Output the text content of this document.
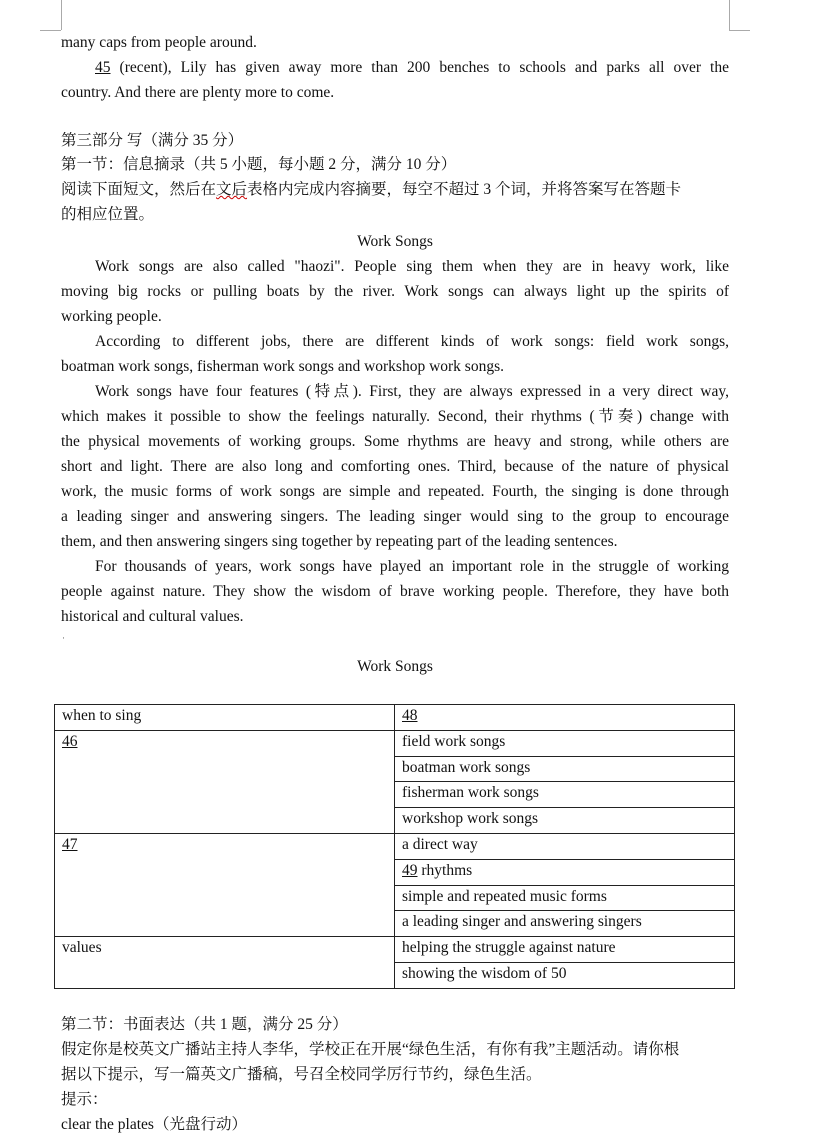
many caps from people around.
45 (recent), Lily has given away more than 200 benches to schools and parks all over the
country. And there are plenty more to come.
第三部分 写（满分 35 分）
第一节：信息摘录（共 5 小题，每小题 2 分，满分 10 分）
阅读下面短文，然后在文后表格内完成内容摘要，每空不超过 3 个词，并将答案写在答题卡
的相应位置。
Work Songs
Work songs are also called "haozi". People sing them when they are in heavy work, like
moving big rocks or pulling boats by the river. Work songs can always light up the spirits of
working people.
According to different jobs, there are different kinds of work songs: field work songs,
boatman work songs, fisherman work songs and workshop work songs.
Work songs have four features (特点). First, they are always expressed in a very direct way,
which makes it possible to show the feelings naturally. Second, their rhythms (节奏) change with
the physical movements of working groups. Some rhythms are heavy and strong, while others are
short and light. There are also long and comforting ones. Third, because of the nature of physical
work, the music forms of work songs are simple and repeated. Fourth, the singing is done through
a leading singer and answering singers. The leading singer would sing to the group to encourage
them, and then answering singers sing together by repeating part of the leading sentences.
For thousands of years, work songs have played an important role in the struggle of working
people against nature. They show the wisdom of brave working people. Therefore, they have both
historical and cultural values.
·
Work Songs
when to sing	48
46	field work songs
	boatman work songs
	fisherman work songs
	workshop work songs
47	a direct way
	49 rhythms
	simple and repeated music forms
	a leading singer and answering singers
values	helping the struggle against nature
	showing the wisdom of 50
第二节：书面表达（共 1 题，满分 25 分）
假定你是校英文广播站主持人李华，学校正在开展“绿色生活，有你有我”主题活动。请你根
据以下提示，写一篇英文广播稿，号召全校同学厉行节约，绿色生活。
提示：
clear the plates（光盘行动）
